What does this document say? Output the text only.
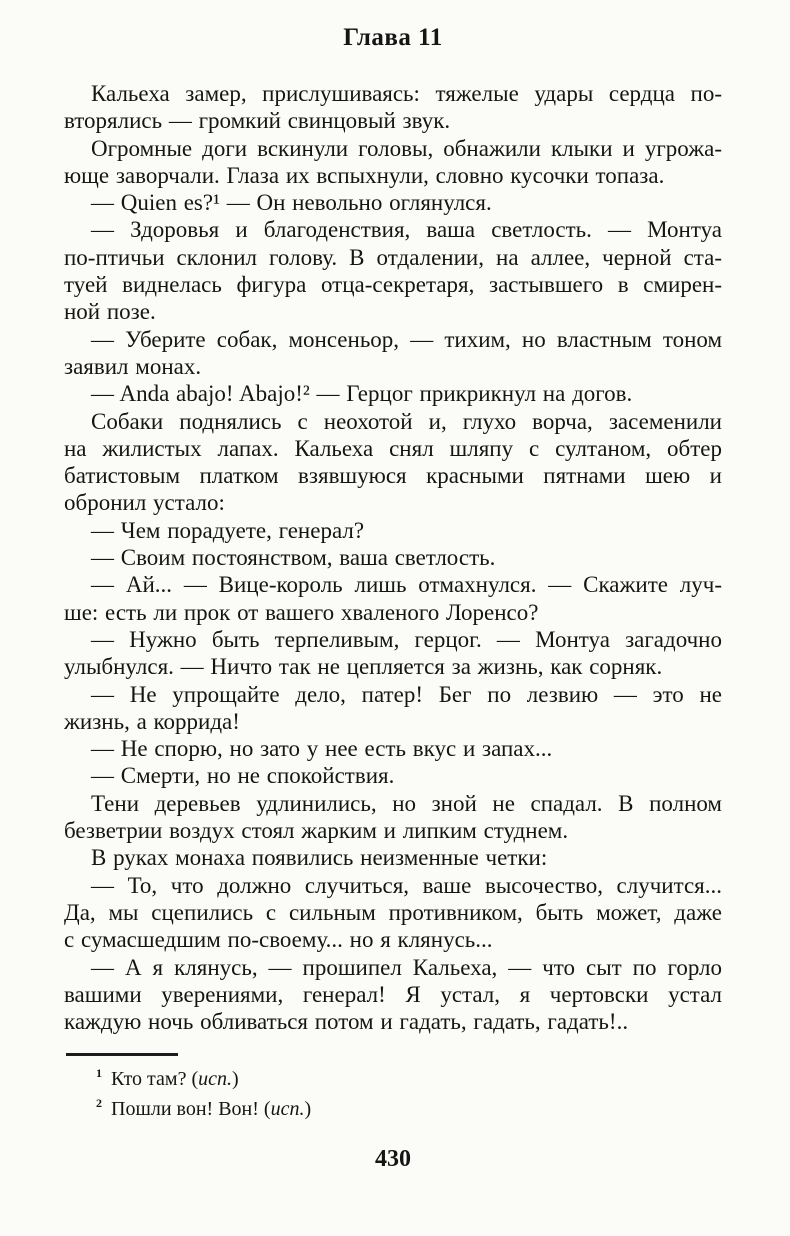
Глава 11
Кальеха замер, прислушиваясь: тяжелые удары сердца по-
вторялись — громкий свинцовый звук.
Огромные доги вскинули головы, обнажили клыки и угрожа-
юще заворчали. Глаза их вспыхнули, словно кусочки топаза.
— Quien es?¹ — Он невольно оглянулся.
— Здоровья и благоденствия, ваша светлость. — Монтуа
по-птичьи склонил голову. В отдалении, на аллее, черной ста-
туей виднелась фигура отца-секретаря, застывшего в смирен-
ной позе.
— Уберите собак, монсеньор, — тихим, но властным тоном
заявил монах.
— Anda abajo! Abajo!² — Герцог прикрикнул на догов.
Собаки поднялись с неохотой и, глухо ворча, засеменили
на жилистых лапах. Кальеха снял шляпу с султаном, обтер
батистовым платком взявшуюся красными пятнами шею и
обронил устало:
— Чем порадуете, генерал?
— Своим постоянством, ваша светлость.
— Ай... — Вице-король лишь отмахнулся. — Скажите луч-
ше: есть ли прок от вашего хваленого Лоренсо?
— Нужно быть терпеливым, герцог. — Монтуа загадочно
улыбнулся. — Ничто так не цепляется за жизнь, как сорняк.
— Не упрощайте дело, патер! Бег по лезвию — это не
жизнь, а коррида!
— Не спорю, но зато у нее есть вкус и запах...
— Смерти, но не спокойствия.
Тени деревьев удлинились, но зной не спадал. В полном
безветрии воздух стоял жарким и липким студнем.
В руках монаха появились неизменные четки:
— То, что должно случиться, ваше высочество, случится...
Да, мы сцепились с сильным противником, быть может, даже
с сумасшедшим по-своему... но я клянусь...
— А я клянусь, — прошипел Кальеха, — что сыт по горло
вашими уверениями, генерал! Я устал, я чертовски устал
каждую ночь обливаться потом и гадать, гадать, гадать!..
$^1$ Кто там? (исп.)
$^2$ Пошли вон! Вон! (исп.)
430
